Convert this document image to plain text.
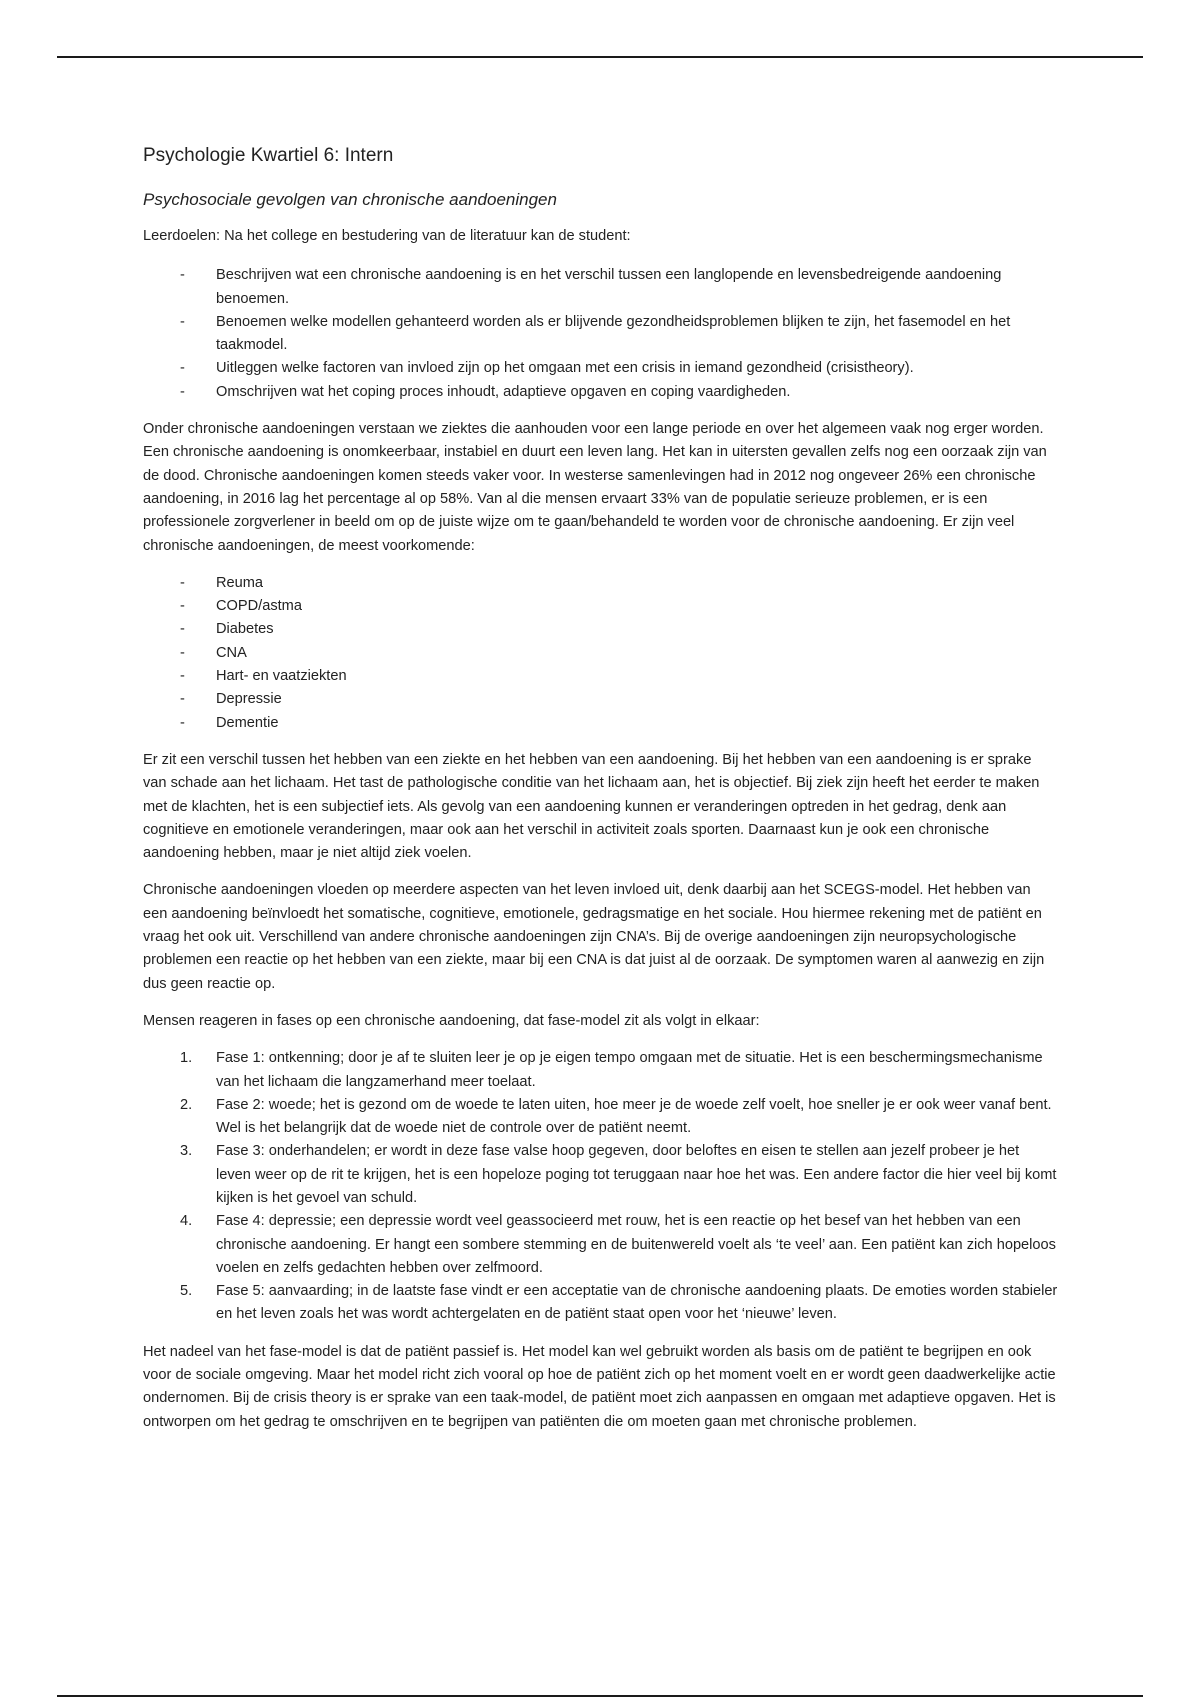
Psychologie Kwartiel 6: Intern
Psychosociale gevolgen van chronische aandoeningen

Leerdoelen: Na het college en bestudering van de literatuur kan de student:

- Beschrijven wat een chronische aandoening is en het verschil tussen een langlopende en levensbedreigende aandoening benoemen.
- Benoemen welke modellen gehanteerd worden als er blijvende gezondheidsproblemen blijken te zijn, het fasemodel en het taakmodel.
- Uitleggen welke factoren van invloed zijn op het omgaan met een crisis in iemand gezondheid (crisistheory).
- Omschrijven wat het coping proces inhoudt, adaptieve opgaven en coping vaardigheden.

Onder chronische aandoeningen verstaan we ziektes die aanhouden voor een lange periode en over het algemeen vaak nog erger worden. Een chronische aandoening is onomkeerbaar, instabiel en duurt een leven lang. Het kan in uitersten gevallen zelfs nog een oorzaak zijn van de dood. Chronische aandoeningen komen steeds vaker voor. In westerse samenlevingen had in 2012 nog ongeveer 26% een chronische aandoening, in 2016 lag het percentage al op 58%. Van al die mensen ervaart 33% van de populatie serieuze problemen, er is een professionele zorgverlener in beeld om op de juiste wijze om te gaan/behandeld te worden voor de chronische aandoening. Er zijn veel chronische aandoeningen, de meest voorkomende:

- Reuma
- COPD/astma
- Diabetes
- CNA
- Hart- en vaatziekten
- Depressie
- Dementie

Er zit een verschil tussen het hebben van een ziekte en het hebben van een aandoening. Bij het hebben van een aandoening is er sprake van schade aan het lichaam. Het tast de pathologische conditie van het lichaam aan, het is objectief. Bij ziek zijn heeft het eerder te maken met de klachten, het is een subjectief iets. Als gevolg van een aandoening kunnen er veranderingen optreden in het gedrag, denk aan cognitieve en emotionele veranderingen, maar ook aan het verschil in activiteit zoals sporten. Daarnaast kun je ook een chronische aandoening hebben, maar je niet altijd ziek voelen.

Chronische aandoeningen vloeden op meerdere aspecten van het leven invloed uit, denk daarbij aan het SCEGS-model. Het hebben van een aandoening beïnvloedt het somatische, cognitieve, emotionele, gedragsmatige en het sociale. Hou hiermee rekening met de patiënt en vraag het ook uit. Verschillend van andere chronische aandoeningen zijn CNA’s. Bij de overige aandoeningen zijn neuropsychologische problemen een reactie op het hebben van een ziekte, maar bij een CNA is dat juist al de oorzaak. De symptomen waren al aanwezig en zijn dus geen reactie op.

Mensen reageren in fases op een chronische aandoening, dat fase-model zit als volgt in elkaar:

1. Fase 1: ontkenning; door je af te sluiten leer je op je eigen tempo omgaan met de situatie. Het is een beschermingsmechanisme van het lichaam die langzamerhand meer toelaat.
2. Fase 2: woede; het is gezond om de woede te laten uiten, hoe meer je de woede zelf voelt, hoe sneller je er ook weer vanaf bent. Wel is het belangrijk dat de woede niet de controle over de patiënt neemt.
3. Fase 3: onderhandelen; er wordt in deze fase valse hoop gegeven, door beloftes en eisen te stellen aan jezelf probeer je het leven weer op de rit te krijgen, het is een hopeloze poging tot teruggaan naar hoe het was. Een andere factor die hier veel bij komt kijken is het gevoel van schuld.
4. Fase 4: depressie; een depressie wordt veel geassocieerd met rouw, het is een reactie op het besef van het hebben van een chronische aandoening. Er hangt een sombere stemming en de buitenwereld voelt als ‘te veel’ aan. Een patiënt kan zich hopeloos voelen en zelfs gedachten hebben over zelfmoord.
5. Fase 5: aanvaarding; in de laatste fase vindt er een acceptatie van de chronische aandoening plaats. De emoties worden stabieler en het leven zoals het was wordt achtergelaten en de patiënt staat open voor het ‘nieuwe’ leven.

Het nadeel van het fase-model is dat de patiënt passief is. Het model kan wel gebruikt worden als basis om de patiënt te begrijpen en ook voor de sociale omgeving. Maar het model richt zich vooral op hoe de patiënt zich op het moment voelt en er wordt geen daadwerkelijke actie ondernomen. Bij de crisis theory is er sprake van een taak-model, de patiënt moet zich aanpassen en omgaan met adaptieve opgaven. Het is ontworpen om het gedrag te omschrijven en te begrijpen van patiënten die om moeten gaan met chronische problemen.
